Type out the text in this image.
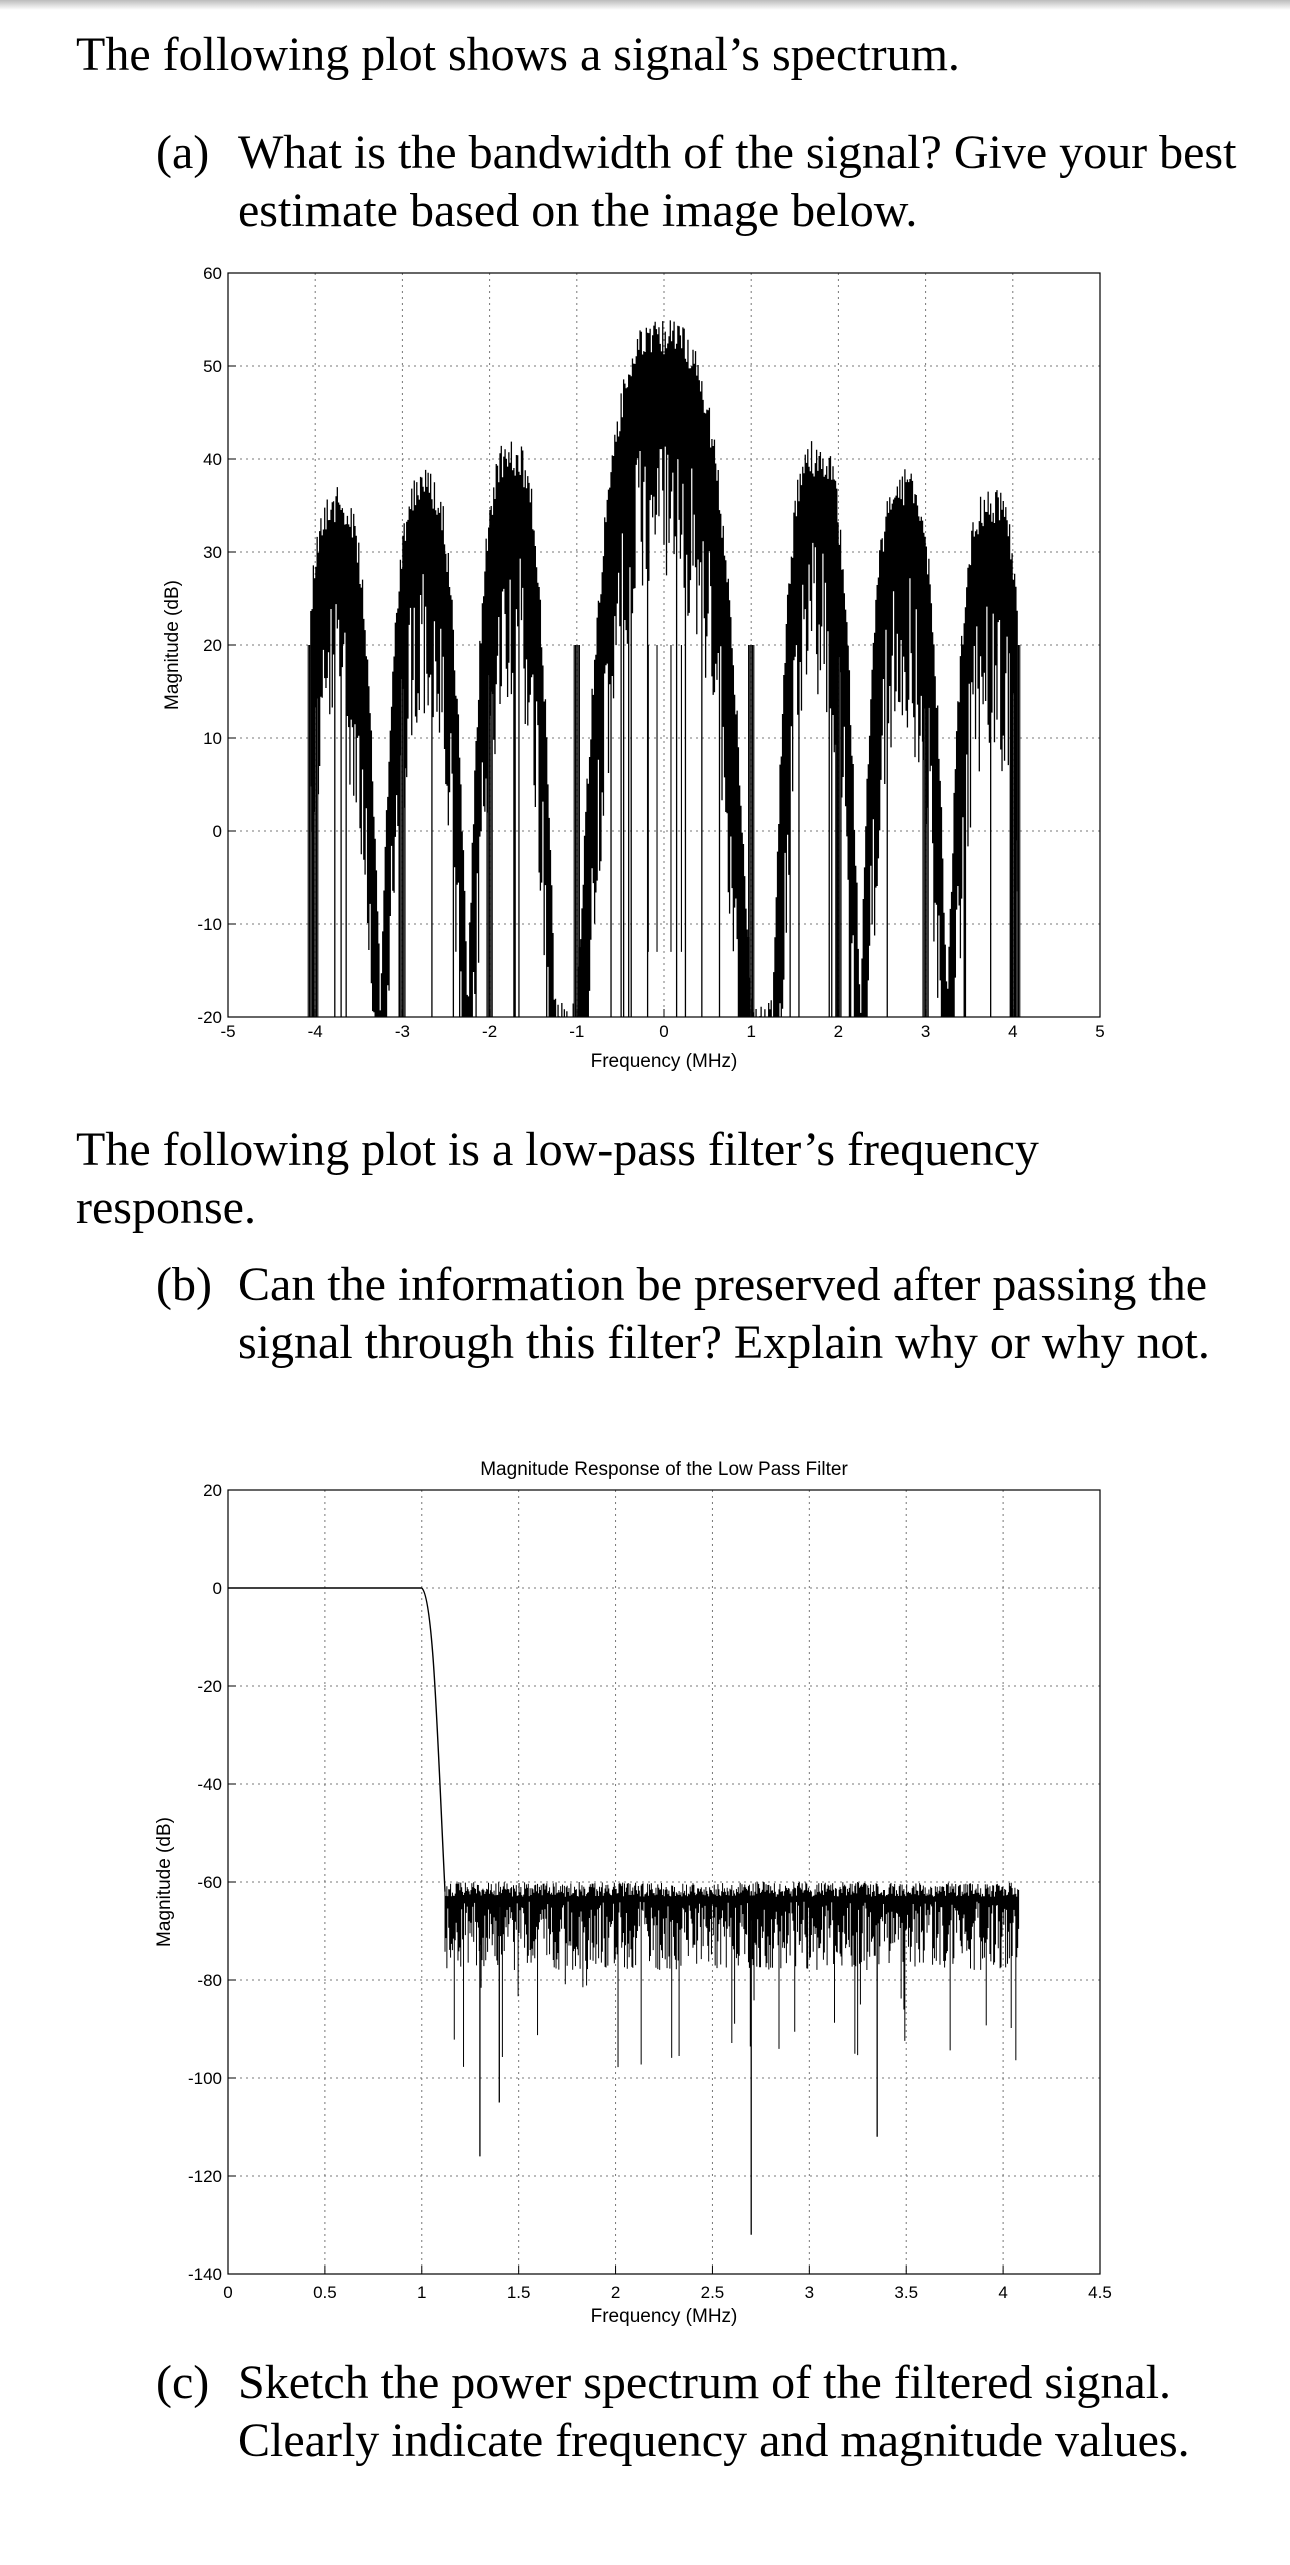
The following plot shows a signal’s spectrum.

(a) What is the bandwidth of the signal? Give your best estimate based on the image below.
-5	-4	-3	-2	-1	0	1	2	3	4	5
-20
-10
0
10
20
30
40
50
60
Frequency (MHz)
Magnitude (dB)

The following plot is a low-pass filter’s frequency response.

(b) Can the information be preserved after passing the signal through this filter? Explain why or why not.
Magnitude Response of the Low Pass Filter
0	0.5	1	1.5	2	2.5	3	3.5	4	4.5
20
0
-20
-40
-60
-80
-100
-120
-140
Frequency (MHz)
Magnitude (dB)
(c) Sketch the power spectrum of the filtered signal. Clearly indicate frequency and magnitude values.
